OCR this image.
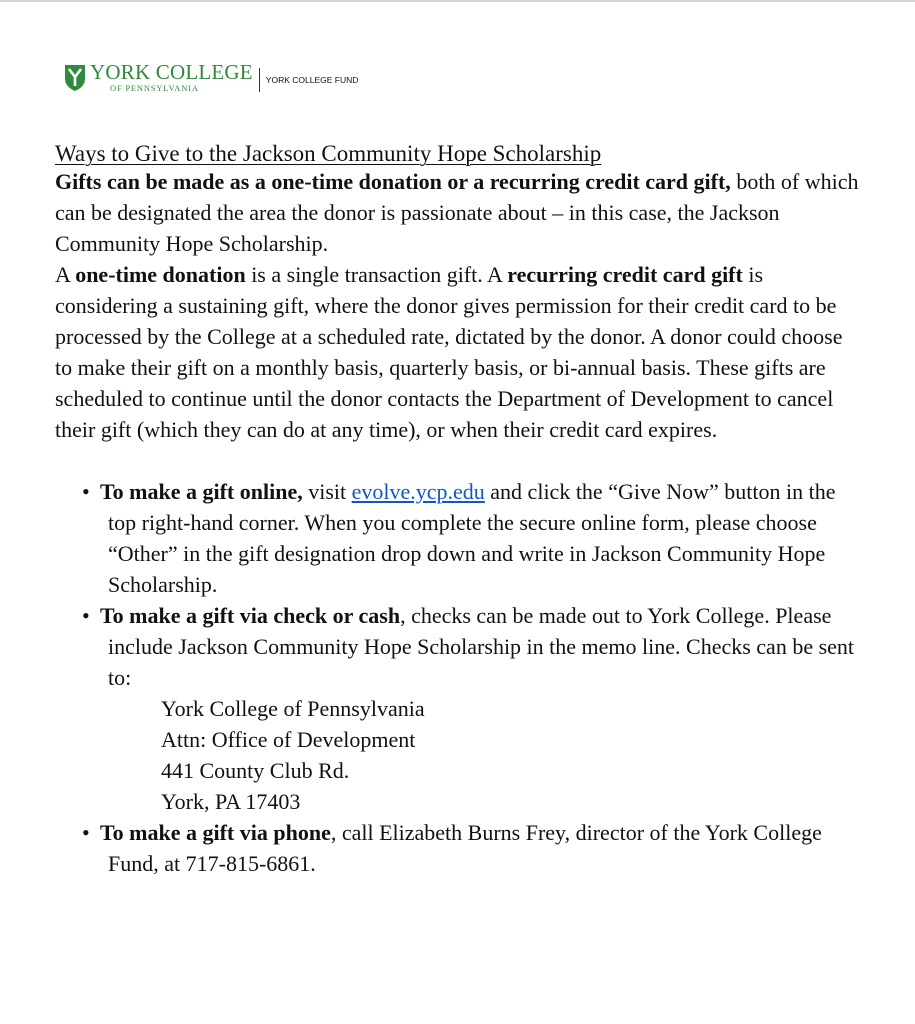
YORK COLLEGE
OF PENNSYLVANIA
YORK COLLEGE FUND
Ways to Give to the Jackson Community Hope Scholarship

Gifts can be made as a one-time donation or a recurring credit card gift, both of which can be designated the area the donor is passionate about – in this case, the Jackson Community Hope Scholarship.

A one-time donation is a single transaction gift. A recurring credit card gift is considering a sustaining gift, where the donor gives permission for their credit card to be processed by the College at a scheduled rate, dictated by the donor. A donor could choose to make their gift on a monthly basis, quarterly basis, or bi-annual basis. These gifts are scheduled to continue until the donor contacts the Department of Development to cancel their gift (which they can do at any time), or when their credit card expires.

• To make a gift online, visit evolve.ycp.edu and click the “Give Now” button in the top right-hand corner. When you complete the secure online form, please choose “Other” in the gift designation drop down and write in Jackson Community Hope Scholarship.
• To make a gift via check or cash, checks can be made out to York College. Please include Jackson Community Hope Scholarship in the memo line. Checks can be sent to:
York College of Pennsylvania
Attn: Office of Development
441 County Club Rd.
York, PA 17403
• To make a gift via phone, call Elizabeth Burns Frey, director of the York College Fund, at 717-815-6861.
